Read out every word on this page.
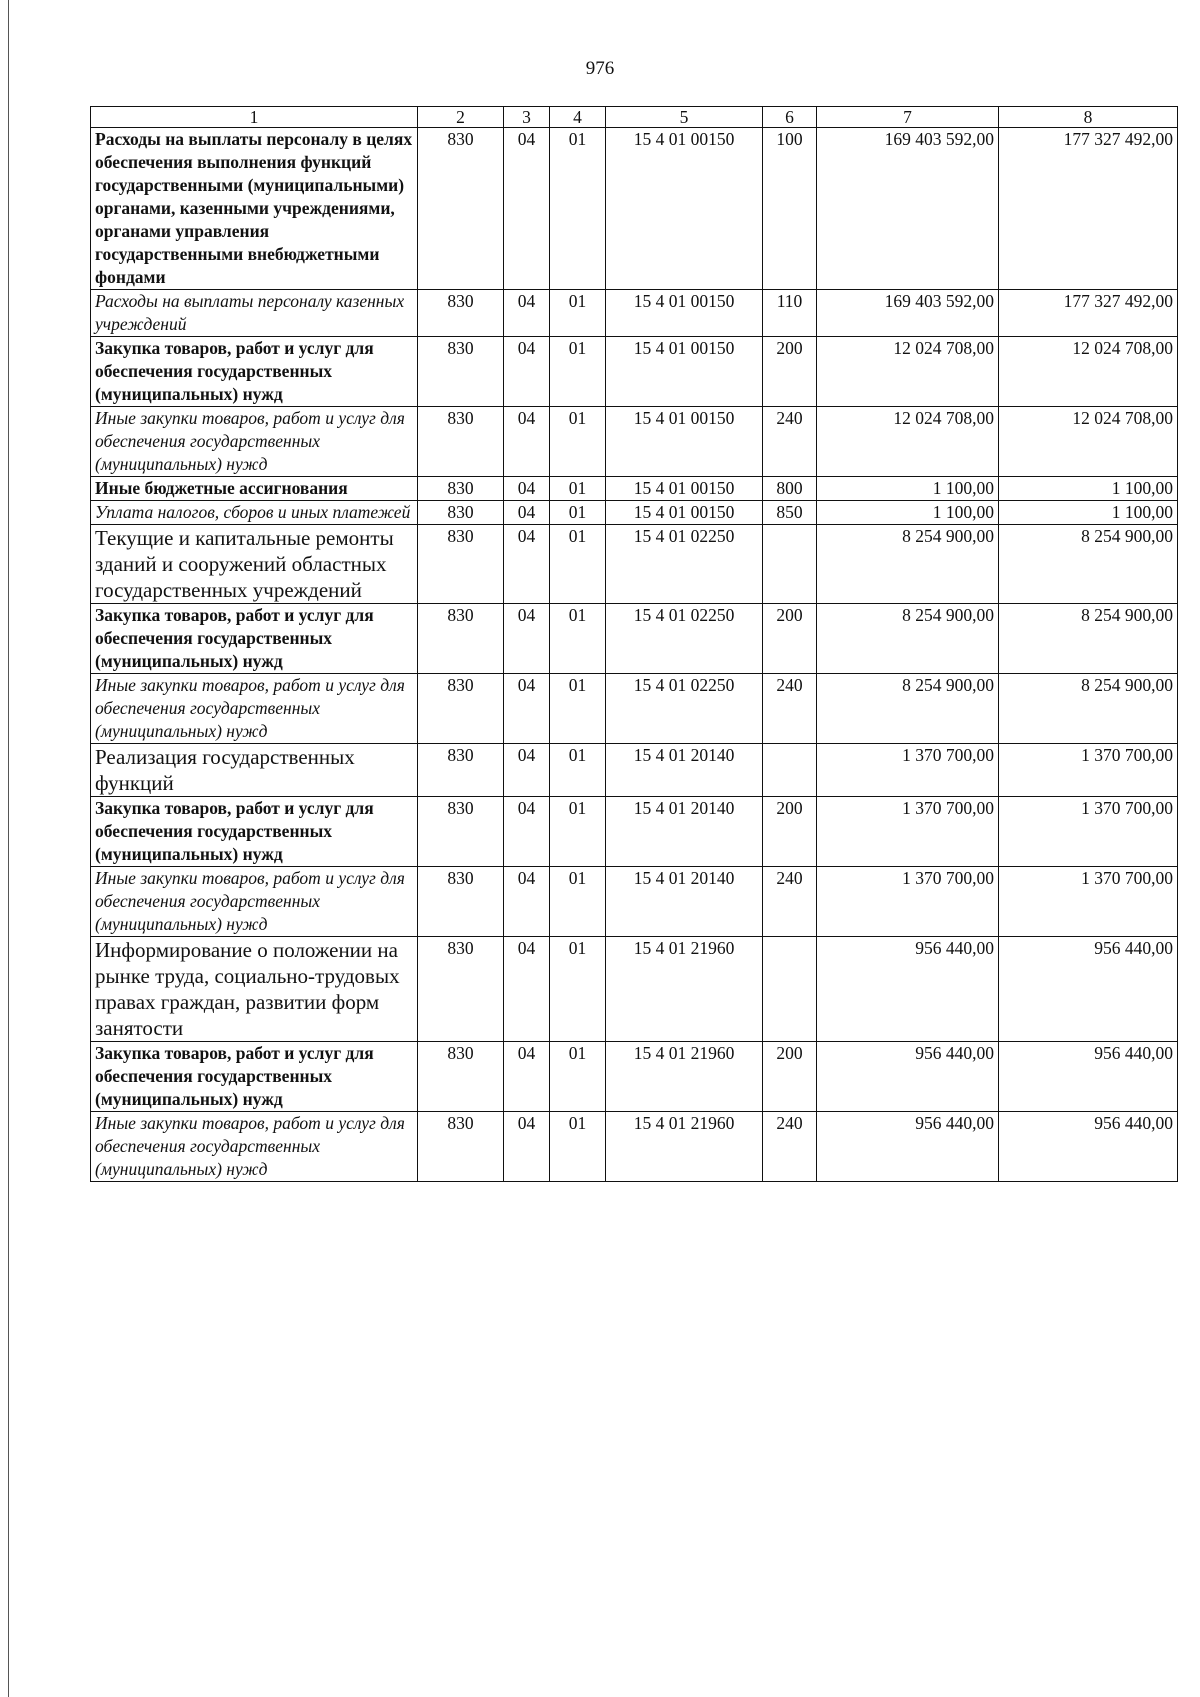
976
1	2	3	4	5	6	7	8
Расходы на выплаты персоналу в целях обеспечения выполнения функций государственными (муниципальными) органами, казенными учреждениями, органами управления государственными внебюджетными фондами	830	04	01	15 4 01 00150	100	169 403 592,00	177 327 492,00
Расходы на выплаты персоналу казенных учреждений	830	04	01	15 4 01 00150	110	169 403 592,00	177 327 492,00
Закупка товаров, работ и услуг для обеспечения государственных (муниципальных) нужд	830	04	01	15 4 01 00150	200	12 024 708,00	12 024 708,00
Иные закупки товаров, работ и услуг для обеспечения государственных (муниципальных) нужд	830	04	01	15 4 01 00150	240	12 024 708,00	12 024 708,00
Иные бюджетные ассигнования	830	04	01	15 4 01 00150	800	1 100,00	1 100,00
Уплата налогов, сборов и иных платежей	830	04	01	15 4 01 00150	850	1 100,00	1 100,00
Текущие и капитальные ремонты зданий и сооружений областных государственных учреждений	830	04	01	15 4 01 02250		8 254 900,00	8 254 900,00
Закупка товаров, работ и услуг для обеспечения государственных (муниципальных) нужд	830	04	01	15 4 01 02250	200	8 254 900,00	8 254 900,00
Иные закупки товаров, работ и услуг для обеспечения государственных (муниципальных) нужд	830	04	01	15 4 01 02250	240	8 254 900,00	8 254 900,00
Реализация государственных функций	830	04	01	15 4 01 20140		1 370 700,00	1 370 700,00
Закупка товаров, работ и услуг для обеспечения государственных (муниципальных) нужд	830	04	01	15 4 01 20140	200	1 370 700,00	1 370 700,00
Иные закупки товаров, работ и услуг для обеспечения государственных (муниципальных) нужд	830	04	01	15 4 01 20140	240	1 370 700,00	1 370 700,00
Информирование о положении на рынке труда, социально-трудовых правах граждан, развитии форм занятости	830	04	01	15 4 01 21960		956 440,00	956 440,00
Закупка товаров, работ и услуг для обеспечения государственных (муниципальных) нужд	830	04	01	15 4 01 21960	200	956 440,00	956 440,00
Иные закупки товаров, работ и услуг для обеспечения государственных (муниципальных) нужд	830	04	01	15 4 01 21960	240	956 440,00	956 440,00
